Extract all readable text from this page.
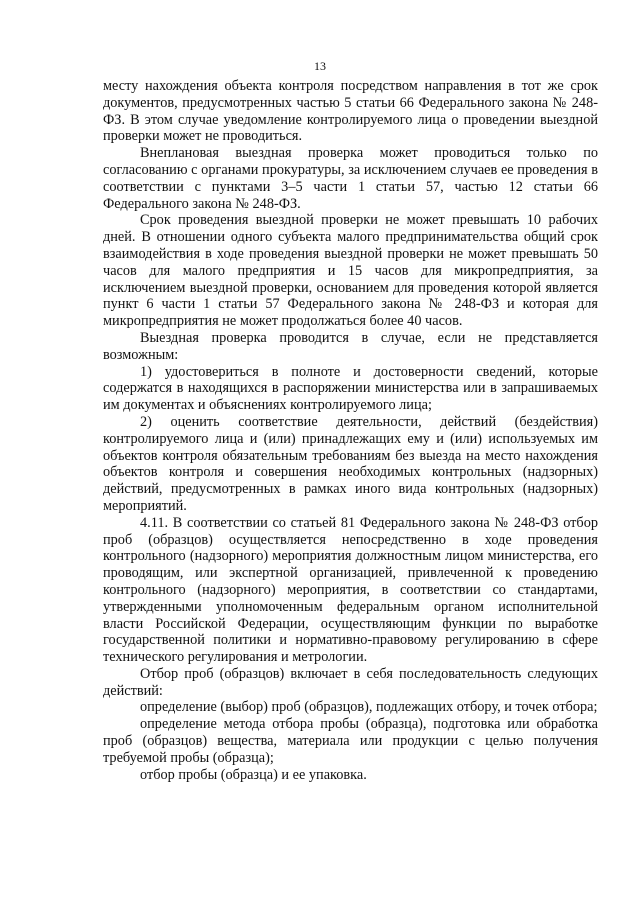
13

месту нахождения объекта контроля посредством направления в тот же срок документов, предусмотренных частью 5 статьи 66 Федерального закона № 248-ФЗ. В этом случае уведомление контролируемого лица о проведении выездной проверки может не проводиться.

Внеплановая выездная проверка может проводиться только по согласованию с органами прокуратуры, за исключением случаев ее проведения в соответствии с пунктами 3–5 части 1 статьи 57, частью 12 статьи 66 Федерального закона № 248-ФЗ.

Срок проведения выездной проверки не может превышать 10 рабочих дней. В отношении одного субъекта малого предпринимательства общий срок взаимодействия в ходе проведения выездной проверки не может превышать 50 часов для малого предприятия и 15 часов для микропредприятия, за исключением выездной проверки, основанием для проведения которой является пункт 6 части 1 статьи 57 Федерального закона № 248-ФЗ и которая для микропредприятия не может продолжаться более 40 часов.

Выездная проверка проводится в случае, если не представляется возможным:

1) удостовериться в полноте и достоверности сведений, которые содержатся в находящихся в распоряжении министерства или в запрашиваемых им документах и объяснениях контролируемого лица;

2) оценить соответствие деятельности, действий (бездействия) контролируемого лица и (или) принадлежащих ему и (или) используемых им объектов контроля обязательным требованиям без выезда на место нахождения объектов контроля и совершения необходимых контрольных (надзорных) действий, предусмотренных в рамках иного вида контрольных (надзорных) мероприятий.

4.11. В соответствии со статьей 81 Федерального закона № 248-ФЗ отбор проб (образцов) осуществляется непосредственно в ходе проведения контрольного (надзорного) мероприятия должностным лицом министерства, его проводящим, или экспертной организацией, привлеченной к проведению контрольного (надзорного) мероприятия, в соответствии со стандартами, утвержденными уполномоченным федеральным органом исполнительной власти Российской Федерации, осуществляющим функции по выработке государственной политики и нормативно-правовому регулированию в сфере технического регулирования и метрологии.

Отбор проб (образцов) включает в себя последовательность следующих действий:

определение (выбор) проб (образцов), подлежащих отбору, и точек отбора;

определение метода отбора пробы (образца), подготовка или обработка проб (образцов) вещества, материала или продукции с целью получения требуемой пробы (образца);

отбор пробы (образца) и ее упаковка.
